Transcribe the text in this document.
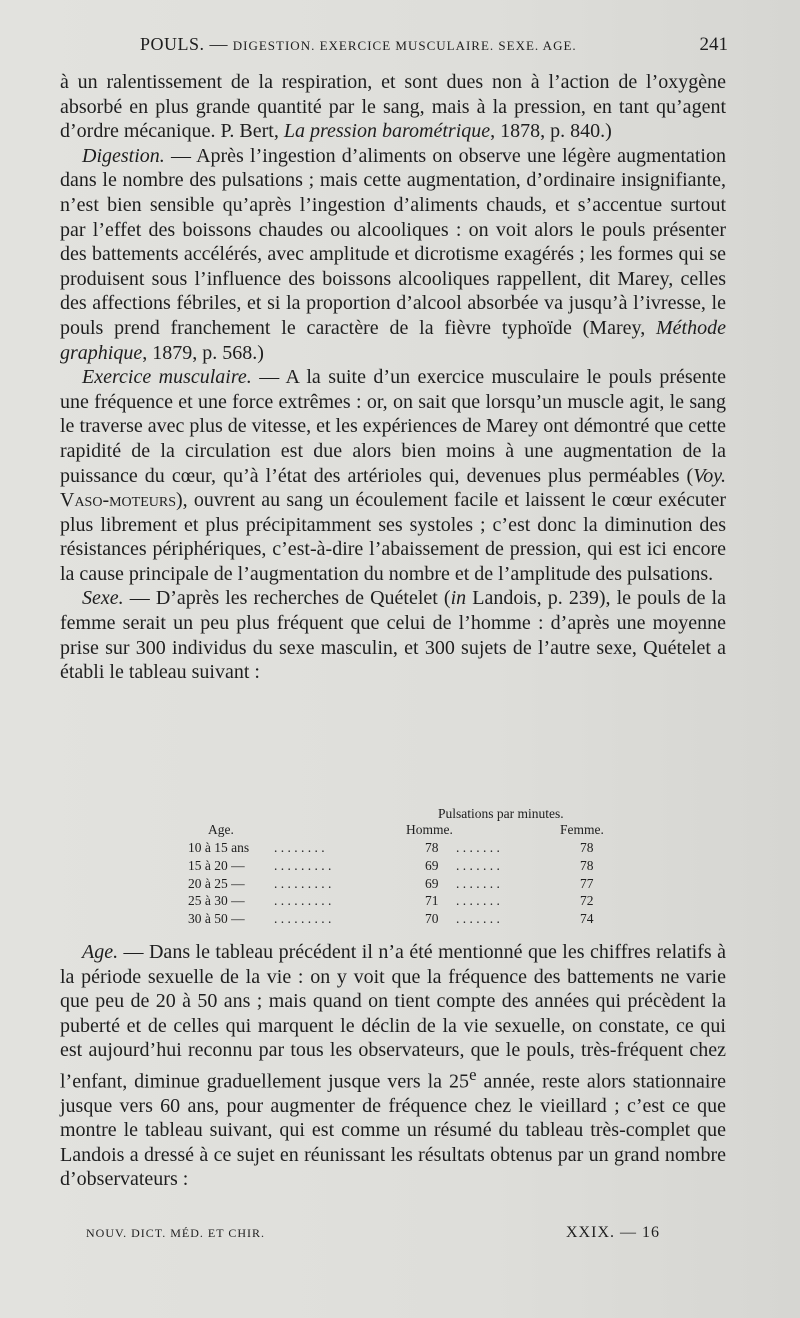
POULS. — DIGESTION. EXERCICE MUSCULAIRE. SEXE. AGE.	241

à un ralentissement de la respiration, et sont dues non à l’action de l’oxygène absorbé en plus grande quantité par le sang, mais à la pression, en tant qu’agent d’ordre mécanique. P. Bert, La pression barométrique, 1878, p. 840.)

Digestion. — Après l’ingestion d’aliments on observe une légère augmentation dans le nombre des pulsations ; mais cette augmentation, d’ordinaire insignifiante, n’est bien sensible qu’après l’ingestion d’aliments chauds, et s’accentue surtout par l’effet des boissons chaudes ou alcooliques : on voit alors le pouls présenter des battements accélérés, avec amplitude et dicrotisme exagérés ; les formes qui se produisent sous l’influence des boissons alcooliques rappellent, dit Marey, celles des affections fébriles, et si la proportion d’alcool absorbée va jusqu’à l’ivresse, le pouls prend franchement le caractère de la fièvre typhoïde (Marey, Méthode graphique, 1879, p. 568.)

Exercice musculaire. — A la suite d’un exercice musculaire le pouls présente une fréquence et une force extrêmes : or, on sait que lorsqu’un muscle agit, le sang le traverse avec plus de vitesse, et les expériences de Marey ont démontré que cette rapidité de la circulation est due alors bien moins à une augmentation de la puissance du cœur, qu’à l’état des artérioles qui, devenues plus perméables (Voy. Vaso-moteurs), ouvrent au sang un écoulement facile et laissent le cœur exécuter plus librement et plus précipitamment ses systoles ; c’est donc la diminution des résistances périphériques, c’est-à-dire l’abaissement de pression, qui est ici encore la cause principale de l’augmentation du nombre et de l’amplitude des pulsations.

Sexe. — D’après les recherches de Quételet (in Landois, p. 239), le pouls de la femme serait un peu plus fréquent que celui de l’homme : d’après une moyenne prise sur 300 individus du sexe masculin, et 300 sujets de l’autre sexe, Quételet a établi le tableau suivant :

Pulsations par minutes.
Age.	Homme.	Femme.
10 à 15 ans . . . . . . . .	78 . . . . . . .	78
15 à 20 — . . . . . . . . .	69 . . . . . . .	78
20 à 25 — . . . . . . . . .	69 . . . . . . .	77
25 à 30 — . . . . . . . . .	71 . . . . . . .	72
30 à 50 — . . . . . . . . .	70 . . . . . . .	74

Age. — Dans le tableau précédent il n’a été mentionné que les chiffres relatifs à la période sexuelle de la vie : on y voit que la fréquence des battements ne varie que peu de 20 à 50 ans ; mais quand on tient compte des années qui précèdent la puberté et de celles qui marquent le déclin de la vie sexuelle, on constate, ce qui est aujourd’hui reconnu par tous les observateurs, que le pouls, très-fréquent chez l’enfant, diminue graduellement jusque vers la 25e année, reste alors stationnaire jusque vers 60 ans, pour augmenter de fréquence chez le vieillard ; c’est ce que montre le tableau suivant, qui est comme un résumé du tableau très-complet que Landois a dressé à ce sujet en réunissant les résultats obtenus par un grand nombre d’observateurs :

NOUV. DICT. MÉD. ET CHIR.	XXIX. — 16
